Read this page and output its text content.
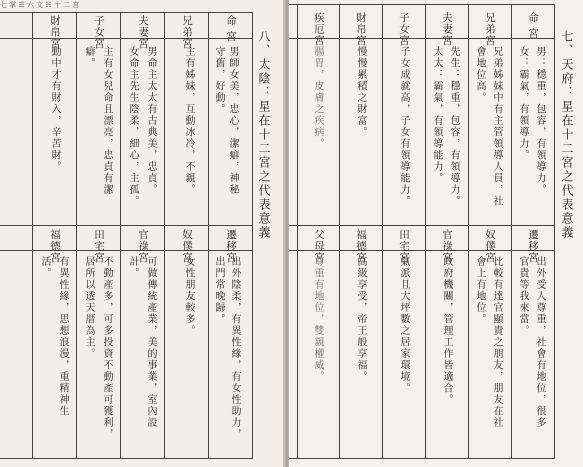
七 掌 ☰ 六 文 ☵ 十 二 宮
八、太陰：星在十二宮之代表意義
命 宮
兄弟宮
夫妻宮
子女宮
財帛宮
男師女美，忠心，潔癖，神秘
守舊，好動。
主有姊妹，互動冰冷，不親。
男命主太太有古典美，忠貞。
女命主先生陰柔，細心，主孤。
主有女兒命且漂亮，忠貞有潔
癖。
動中才有財入，辛苦財。
遷移宮
奴僕宮
官祿宮
田宅宮
福德宮
出外陰柔，有異性緣，有女性助力，
出門常晚歸。
女性朋友較多。
可做傳統產業，美的事業，室內設
計。
不動產多，可多投資不動產可獲利，
居所以透天厝為主。
有異性緣，思想浪漫，重精神生
活。
七、天府：星在十二宮之代表意義
命 宮
兄弟宮
夫妻宮
子女宮
財帛宮
疾厄宮
男：穩重，包容，有領導力。
女：霸氣，有領導力。
兄弟姊妹中有主管領導人員，社
會地位高。
先生：穩重，包容，有領導力。
太太：霸氣，有領導能力。
子女成就高，子女有領導能力。
慢慢累積之財富。
腸胃，皮膚之疾病。
遷移宮
奴僕宮
官祿宮
田宅宮
福德宮
父母宮
出外受人尊重，社會有地位，很多
官貴等我來當。
比較有達官顯貴之朋友，朋友在社
會上有地位。
政府機關，管理工作皆適合。
氣派且大坪數之居家環境。
高級享受，帝王般享福。
尊重有地位，雙親權威。
